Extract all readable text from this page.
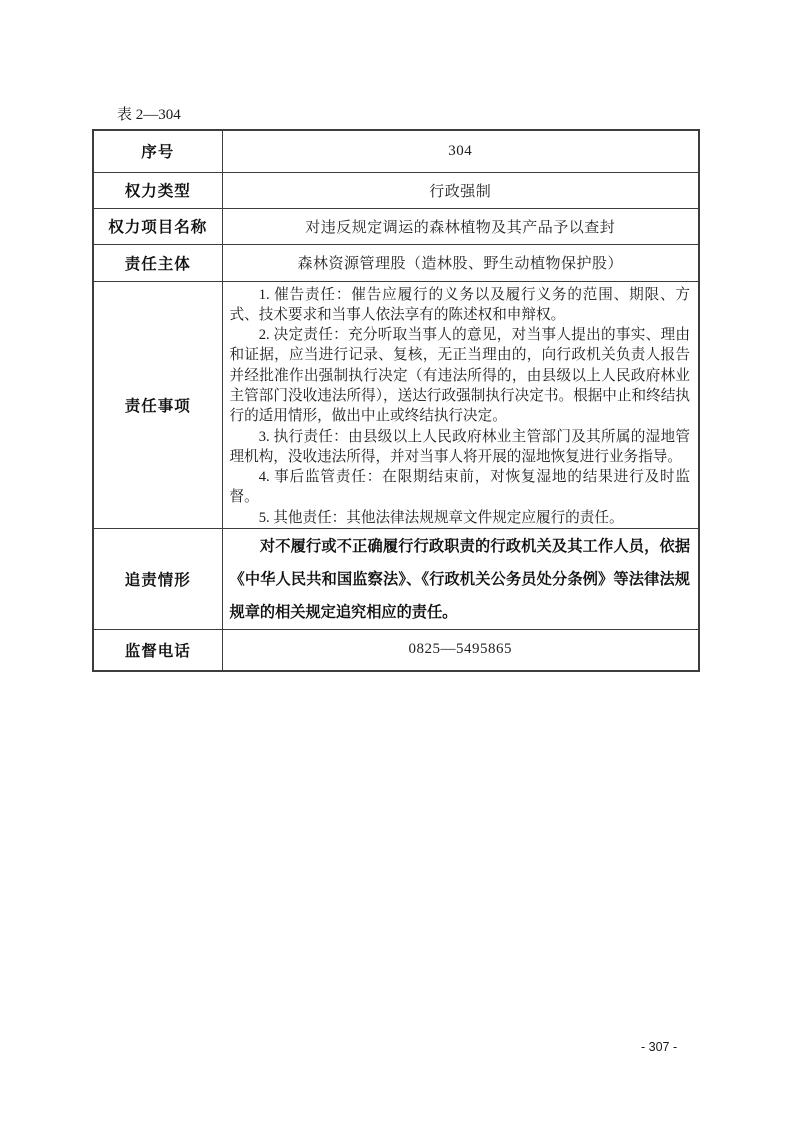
表 2—304
序号	304
权力类型	行政强制
权力项目名称	对违反规定调运的森林植物及其产品予以查封
责任主体	森林资源管理股（造林股、野生动植物保护股）
责任事项	1. 催告责任：催告应履行的义务以及履行义务的范围、期限、方式、技术要求和当事人依法享有的陈述权和申辩权。

2. 决定责任：充分听取当事人的意见，对当事人提出的事实、理由和证据，应当进行记录、复核，无正当理由的，向行政机关负责人报告并经批准作出强制执行决定（有违法所得的，由县级以上人民政府林业主管部门没收违法所得），送达行政强制执行决定书。根据中止和终结执行的适用情形，做出中止或终结执行决定。

3. 执行责任：由县级以上人民政府林业主管部门及其所属的湿地管理机构，没收违法所得，并对当事人将开展的湿地恢复进行业务指导。

4. 事后监管责任：在限期结束前，对恢复湿地的结果进行及时监督。

5. 其他责任：其他法律法规规章文件规定应履行的责任。

追责情形	对不履行或不正确履行行政职责的行政机关及其工作人员，依据《中华人民共和国监察法》、《行政机关公务员处分条例》等法律法规规章的相关规定追究相应的责任。

监督电话	0825—5495865
- 307 -
